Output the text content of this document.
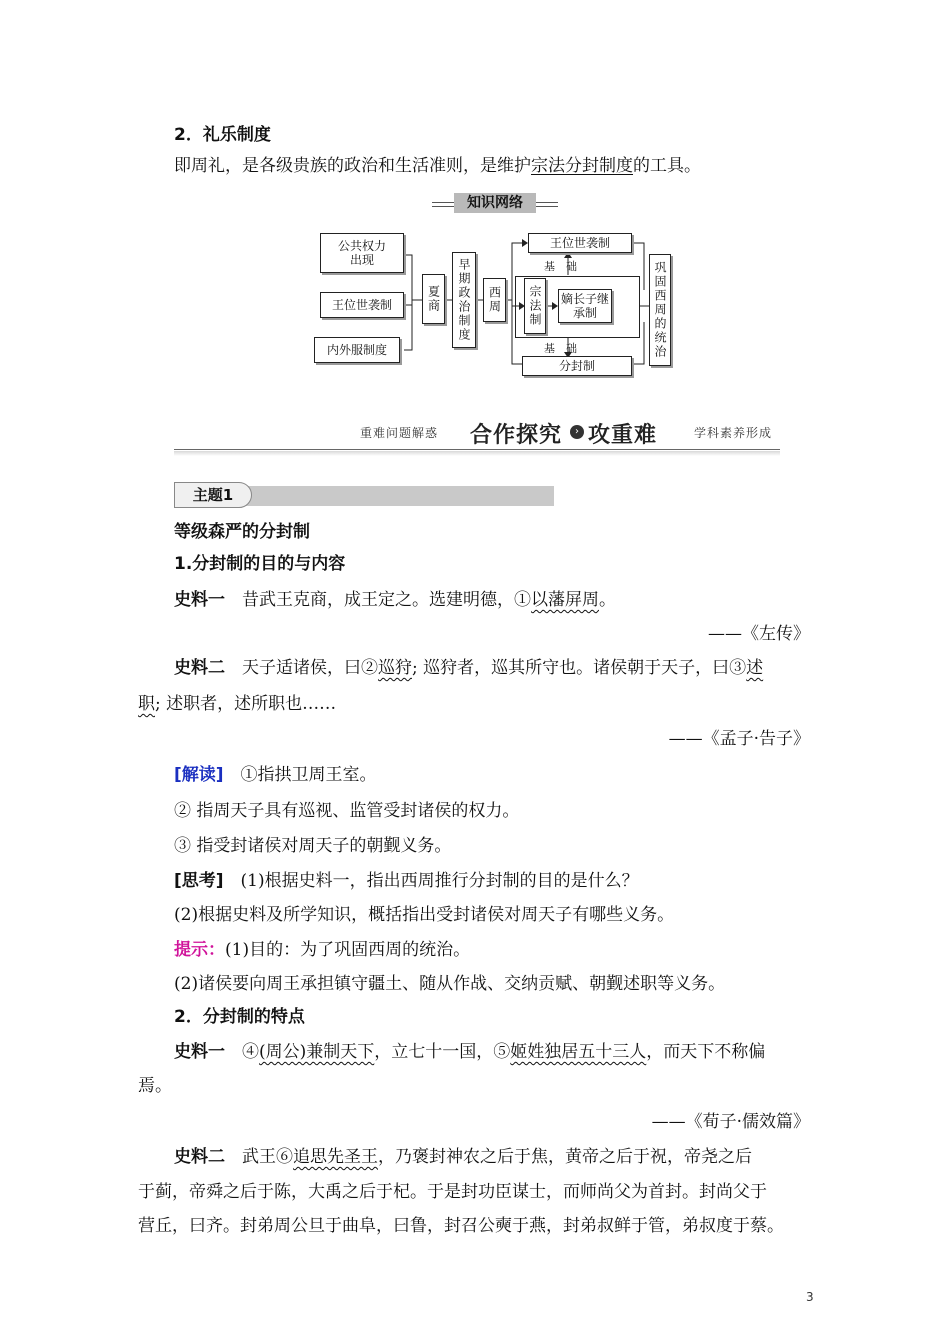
2．礼乐制度
即周礼，是各级贵族的政治和生活准则，是维护宗法分封制度的工具。
知识网络
公共权力出现
王位世袭制
内外服制度
夏商 早期政治制度 西周
王位世袭制
基　础
宗法制 嫡长子继承制
基　础
分封制
巩固西周的统治
重难问题解惑 合作探究	› 攻重难	学科素养形成
主题1
等级森严的分封制
1.分封制的目的与内容
史料一　 昔武王克商，成王定之。选建明德，①以藩屏周。
——《左传》
史料二　 天子适诸侯，曰②巡狩; 巡狩者，巡其所守也。诸侯朝于天子，曰③述
职; 述职者，述所职也……
——《孟子·告子》
[解读]　 ①指拱卫周王室。
② 指周天子具有巡视、监管受封诸侯的权力。
③ 指受封诸侯对周天子的朝觐义务。
[思考]　 (1)根据史料一，指出西周推行分封制的目的是什么？
(2)根据史料及所学知识，概括指出受封诸侯对周天子有哪些义务。
提示：(1)目的：为了巩固西周的统治。
(2)诸侯要向周王承担镇守疆土、随从作战、交纳贡赋、朝觐述职等义务。
2．分封制的特点
史料一　 ④(周公)兼制天下，立七十一国，⑤姬姓独居五十三人，而天下不称偏
焉。
——《荀子·儒效篇》
史料二　 武王⑥追思先圣王，乃褒封神农之后于焦，黄帝之后于祝，帝尧之后
于蓟，帝舜之后于陈，大禹之后于杞。于是封功臣谋士，而师尚父为首封。封尚父于
营丘，曰齐。封弟周公旦于曲阜，曰鲁，封召公奭于燕，封弟叔鲜于管，弟叔度于蔡。
3
